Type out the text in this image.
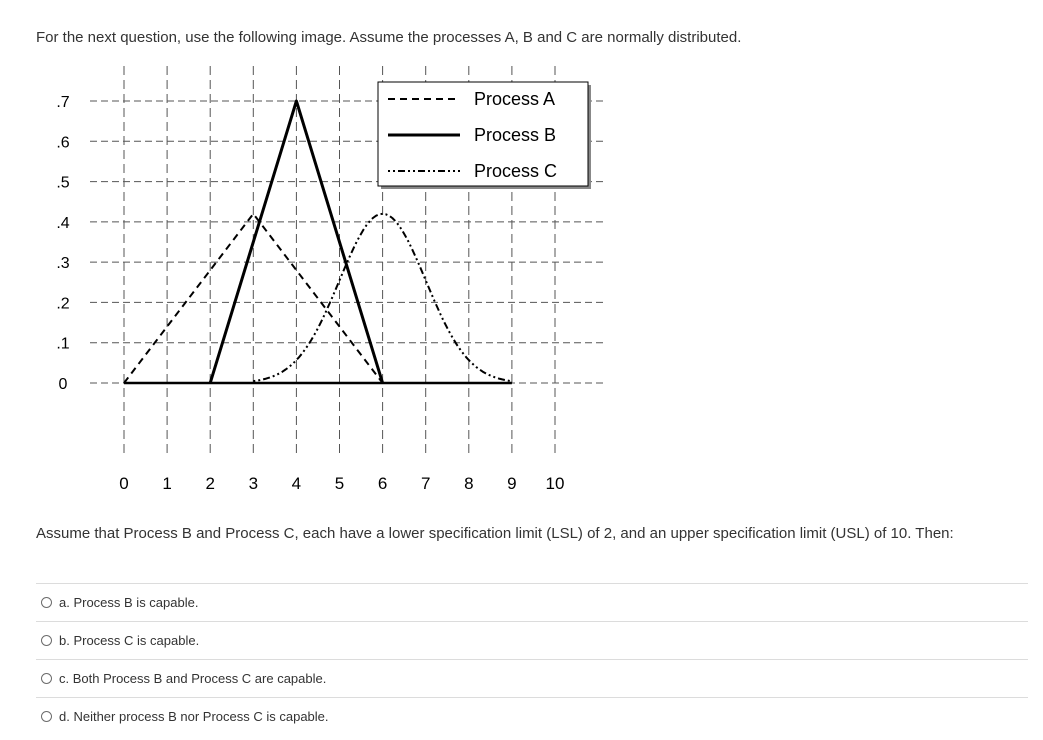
For the next question, use the following image. Assume the processes A, B and C are normally distributed.
0
.1
.2
.3
.4
.5
.6
.7
0 1 2 3 4 5 6 7 8 9 10
Process A
Process B
Process C
Assume that Process B and Process C, each have a lower specification limit (LSL) of 2, and an upper specification limit (USL) of 10. Then:
a. Process B is capable.
b. Process C is capable.
c. Both Process B and Process C are capable.
d. Neither process B nor Process C is capable.
